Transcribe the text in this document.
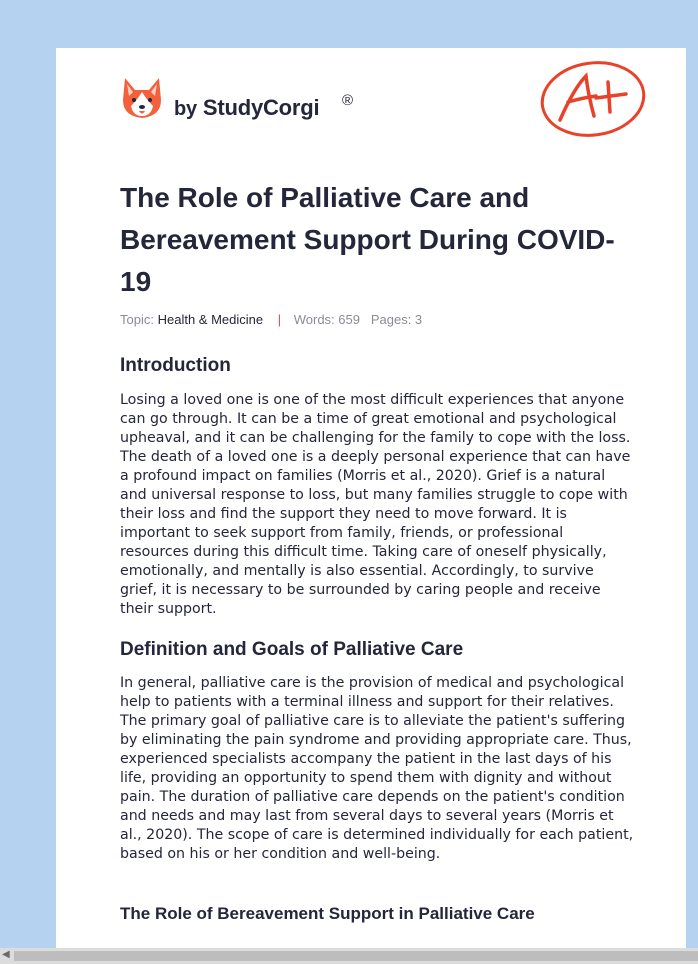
by StudyCorgi ®
The Role of Palliative Care and Bereavement Support During COVID-19
Topic: Health & Medicine | Words: 659 Pages: 3
Introduction

Losing a loved one is one of the most difficult experiences that anyone can go through. It can be a time of great emotional and psychological upheaval, and it can be challenging for the family to cope with the loss. The death of a loved one is a deeply personal experience that can have a profound impact on families (Morris et al., 2020). Grief is a natural and universal response to loss, but many families struggle to cope with their loss and find the support they need to move forward. It is important to seek support from family, friends, or professional resources during this difficult time. Taking care of oneself physically, emotionally, and mentally is also essential. Accordingly, to survive grief, it is necessary to be surrounded by caring people and receive their support.

Definition and Goals of Palliative Care

In general, palliative care is the provision of medical and psychological help to patients with a terminal illness and support for their relatives. The primary goal of palliative care is to alleviate the patient's suffering by eliminating the pain syndrome and providing appropriate care. Thus, experienced specialists accompany the patient in the last days of his life, providing an opportunity to spend them with dignity and without pain. The duration of palliative care depends on the patient's condition and needs and may last from several days to several years (Morris et al., 2020). The scope of care is determined individually for each patient, based on his or her condition and well-being.

The Role of Bereavement Support in Palliative Care
◀
